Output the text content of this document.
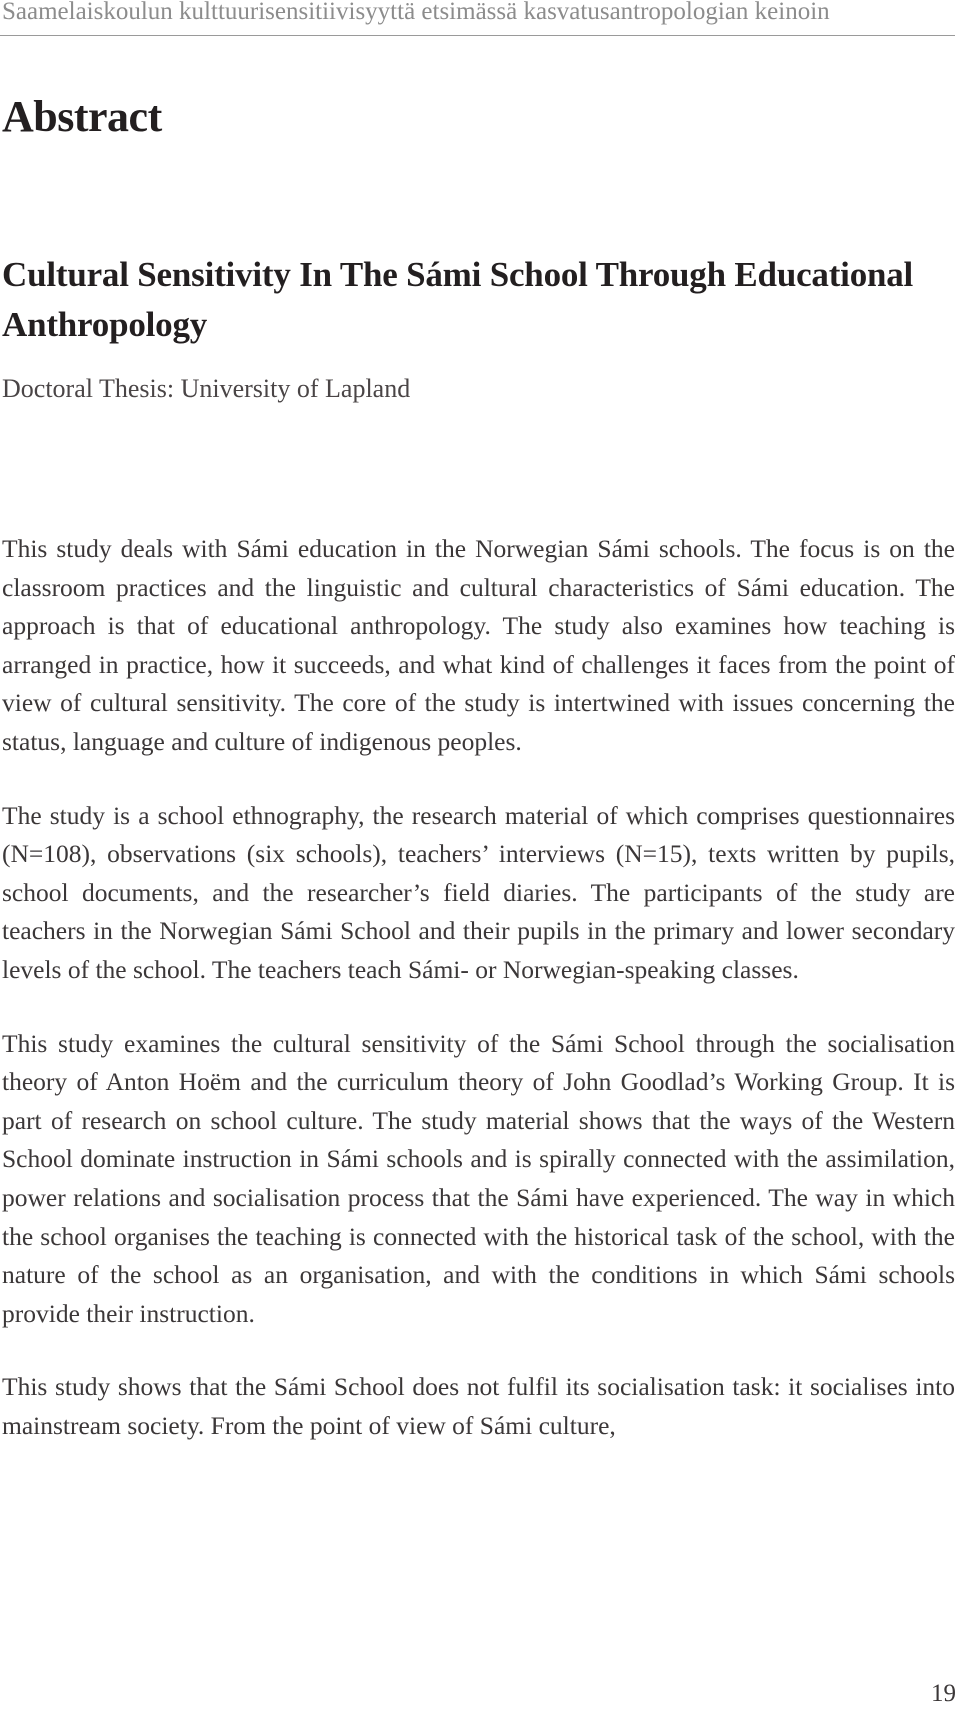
Saamelaiskoulun kulttuurisensitiivisyyttä etsimässä kasvatusantropologian keinoin
Abstract
Cultural Sensitivity In The Sámi School Through Educational Anthropology
Doctoral Thesis: University of Lapland

This study deals with Sámi education in the Norwegian Sámi schools. The focus is on the classroom practices and the linguistic and cultural characteristics of Sámi education. The approach is that of educational anthropology. The study also examines how teaching is arranged in practice, how it succeeds, and what kind of challenges it faces from the point of view of cultural sensitivity. The core of the study is intertwined with issues concerning the status, language and culture of indigenous peoples.

The study is a school ethnography, the research material of which comprises questionnaires (N=108), observations (six schools), teachers’ interviews (N=15), texts written by pupils, school documents, and the researcher’s field diaries. The participants of the study are teachers in the Norwegian Sámi School and their pupils in the primary and lower secondary levels of the school. The teachers teach Sámi- or Norwegian-speaking classes.

This study examines the cultural sensitivity of the Sámi School through the socialisation theory of Anton Hoëm and the curriculum theory of John Goodlad’s Working Group. It is part of research on school culture. The study material shows that the ways of the Western School dominate instruction in Sámi schools and is spirally connected with the assimilation, power relations and socialisation process that the Sámi have experienced. The way in which the school organises the teaching is connected with the historical task of the school, with the nature of the school as an organisation, and with the conditions in which Sámi schools provide their instruction.

This study shows that the Sámi School does not fulfil its socialisation task: it socialises into mainstream society. From the point of view of Sámi culture,

19
